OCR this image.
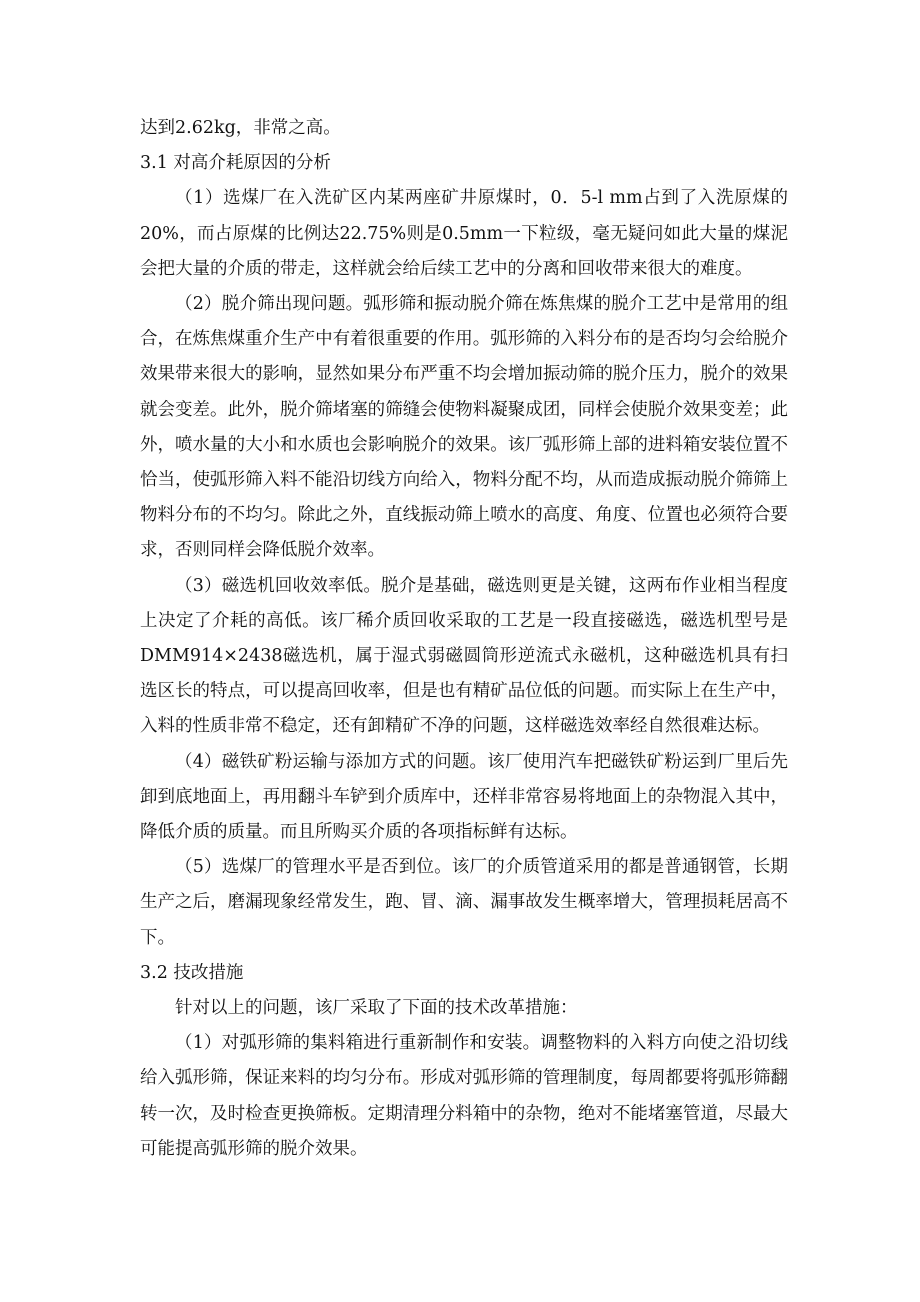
达到2.62kg，非常之高。

3.1 对高介耗原因的分析

（1）选煤厂在入洗矿区内某两座矿井原煤时，0．5-l mm占到了入洗原煤的20%，而占原煤的比例达22.75%则是0.5mm一下粒级，毫无疑问如此大量的煤泥会把大量的介质的带走，这样就会给后续工艺中的分离和回收带来很大的难度。

（2）脱介筛出现问题。弧形筛和振动脱介筛在炼焦煤的脱介工艺中是常用的组合，在炼焦煤重介生产中有着很重要的作用。弧形筛的入料分布的是否均匀会给脱介效果带来很大的影响，显然如果分布严重不均会增加振动筛的脱介压力，脱介的效果就会变差。此外，脱介筛堵塞的筛缝会使物料凝聚成团，同样会使脱介效果变差；此外，喷水量的大小和水质也会影响脱介的效果。该厂弧形筛上部的进料箱安装位置不恰当，使弧形筛入料不能沿切线方向给入，物料分配不均，从而造成振动脱介筛筛上物料分布的不均匀。除此之外，直线振动筛上喷水的高度、角度、位置也必须符合要求，否则同样会降低脱介效率。

（3）磁选机回收效率低。脱介是基础，磁选则更是关键，这两布作业相当程度上决定了介耗的高低。该厂稀介质回收采取的工艺是一段直接磁选，磁选机型号是DMM914×2438磁选机，属于湿式弱磁圆筒形逆流式永磁机，这种磁选机具有扫选区长的特点，可以提高回收率，但是也有精矿品位低的问题。而实际上在生产中，入料的性质非常不稳定，还有卸精矿不净的问题，这样磁选效率经自然很难达标。

（4）磁铁矿粉运输与添加方式的问题。该厂使用汽车把磁铁矿粉运到厂里后先卸到底地面上，再用翻斗车铲到介质库中，还样非常容易将地面上的杂物混入其中，降低介质的质量。而且所购买介质的各项指标鲜有达标。

（5）选煤厂的管理水平是否到位。该厂的介质管道采用的都是普通钢管，长期生产之后，磨漏现象经常发生，跑、冒、滴、漏事故发生概率增大，管理损耗居高不下。

3.2 技改措施

针对以上的问题，该厂采取了下面的技术改革措施：

（1）对弧形筛的集料箱进行重新制作和安装。调整物料的入料方向使之沿切线给入弧形筛，保证来料的均匀分布。形成对弧形筛的管理制度，每周都要将弧形筛翻转一次，及时检查更换筛板。定期清理分料箱中的杂物，绝对不能堵塞管道，尽最大可能提高弧形筛的脱介效果。
